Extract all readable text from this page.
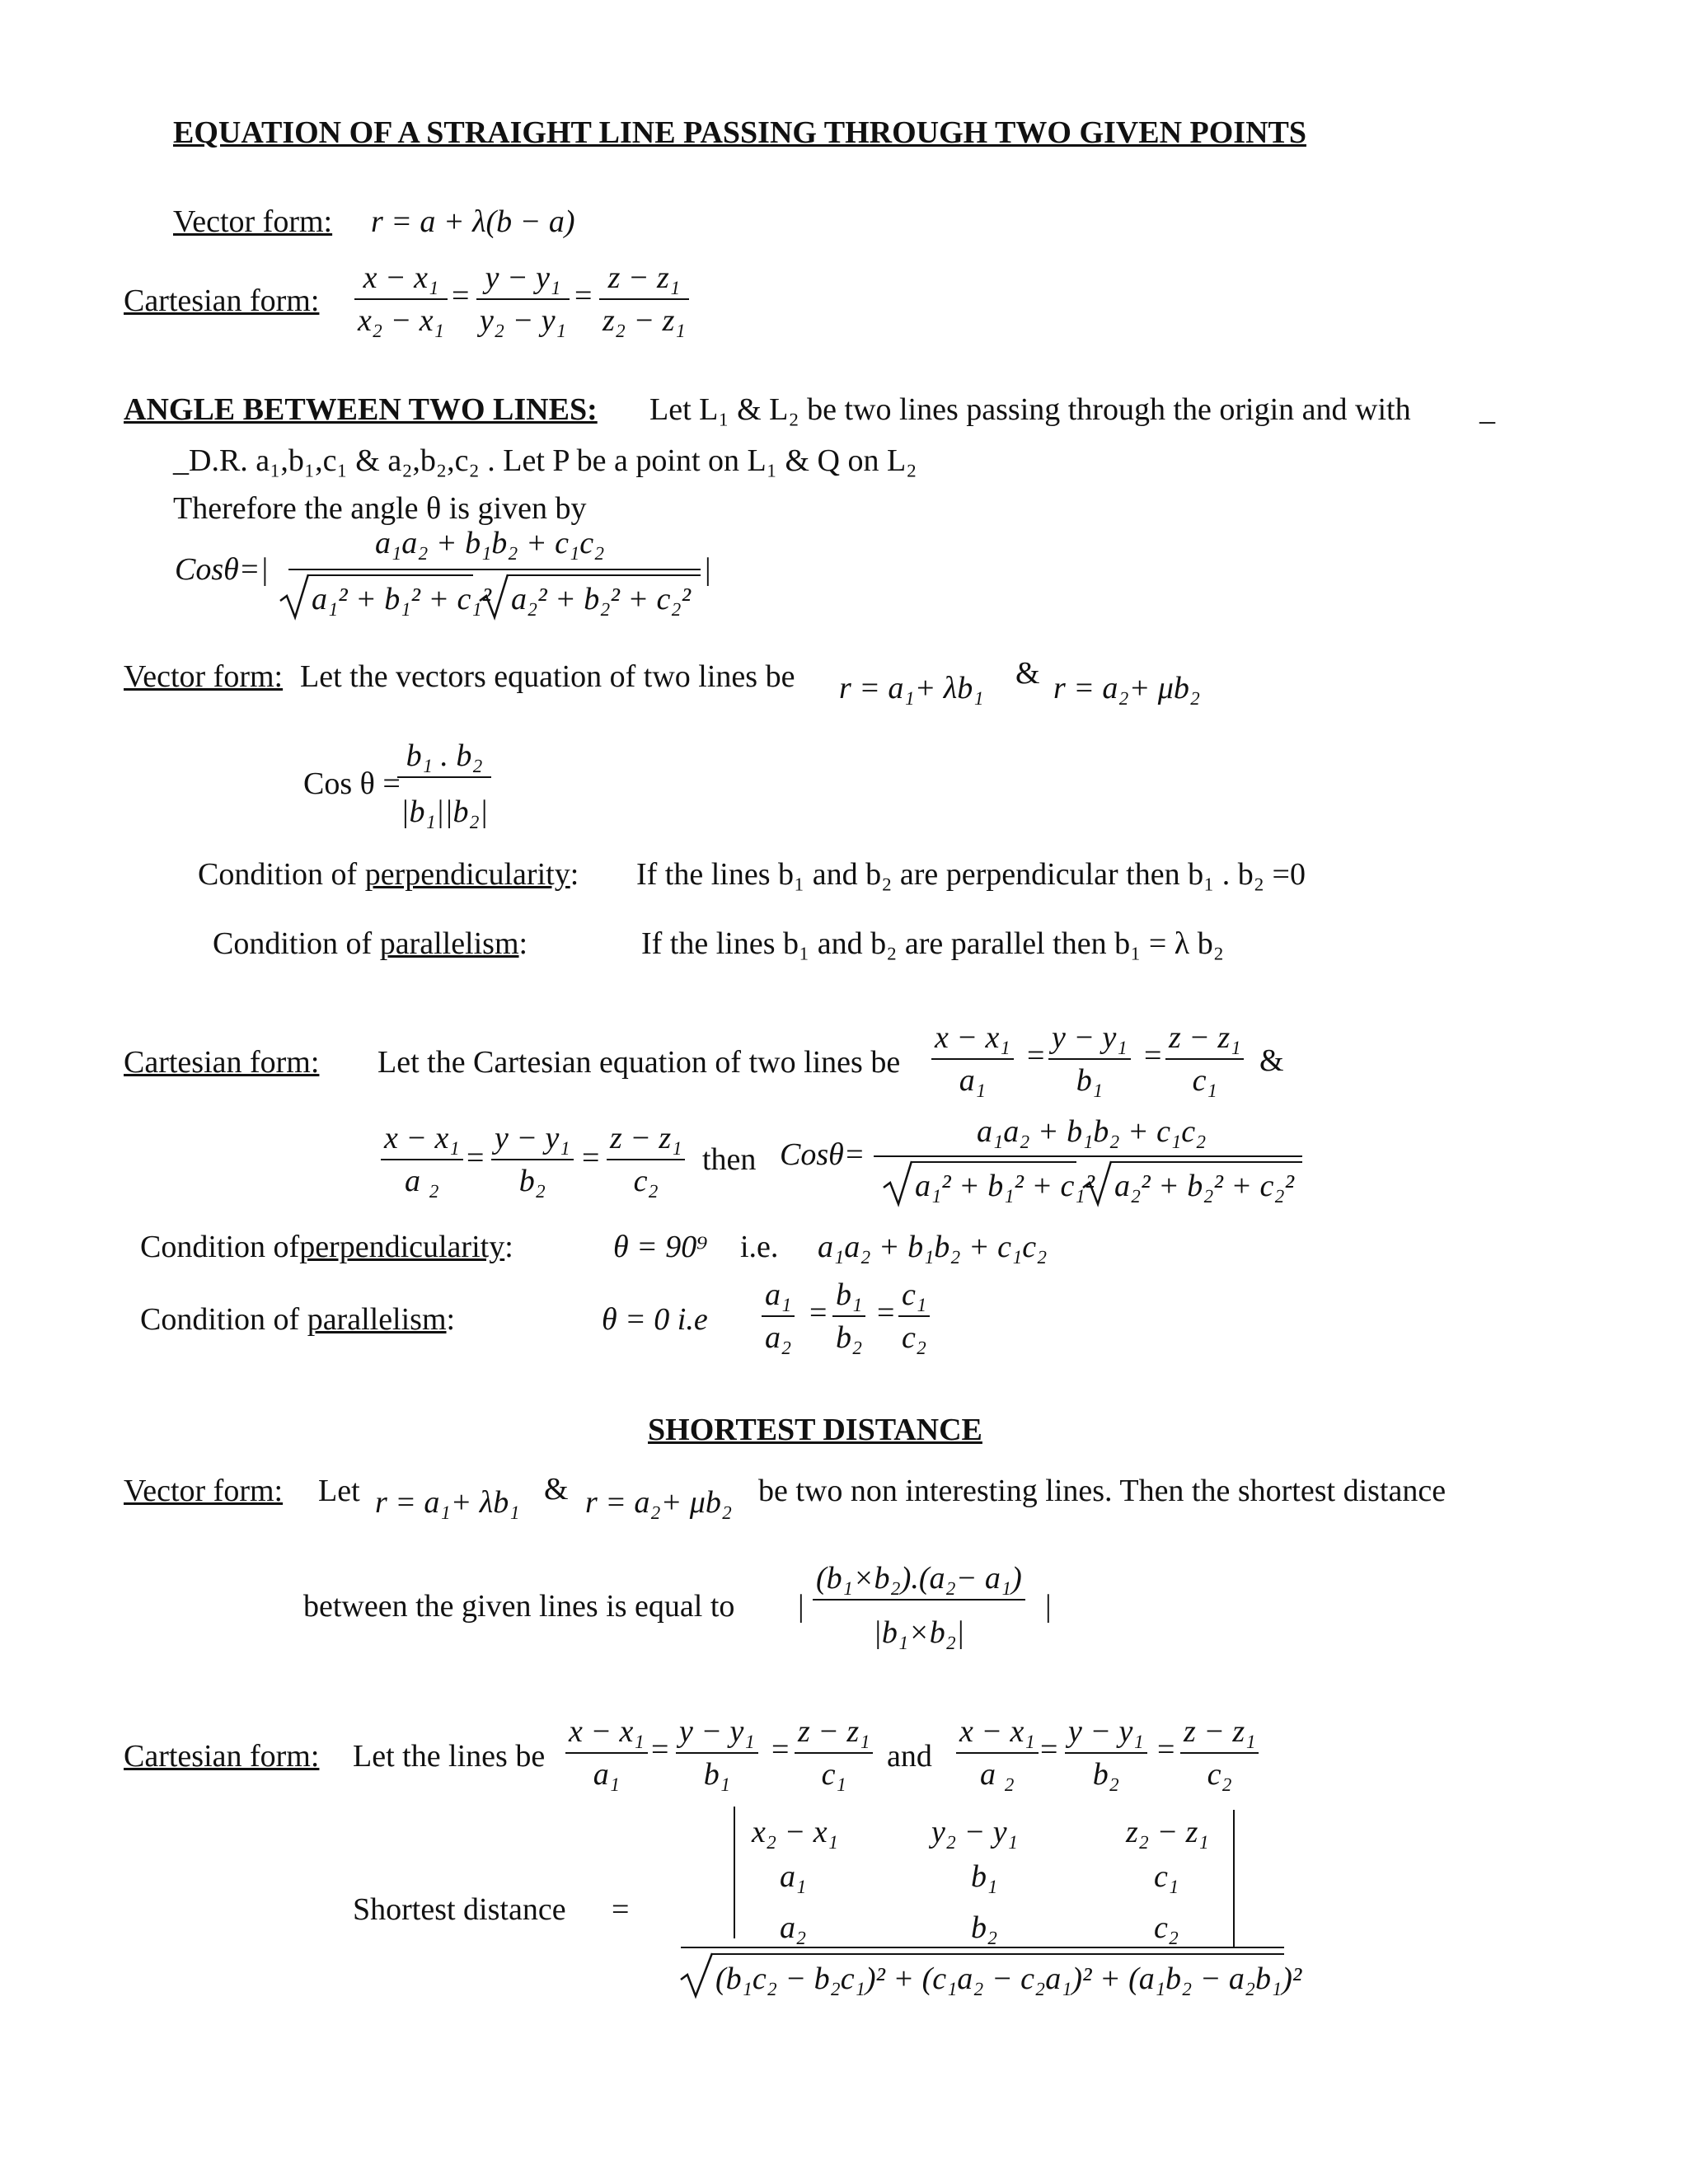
EQUATION OF A STRAIGHT LINE PASSING THROUGH TWO GIVEN POINTS
Vector form: r = a + λ(b − a)
Cartesian form: $\frac{\text{x − x₁}}{\text{x₂ − x₁}} = \frac{\text{y − y₁}}{\text{y₂ − y₁}} = \frac{\text{z − z₁}}{\text{z₂ − z₁}}$
ANGLE BETWEEN TWO LINES: Let L₁ & L₂ be two lines passing through the origin and with _
_D.R. a₁,b₁,c₁ & a₂,b₂,c₂ . Let P be a point on L₁ & Q on L₂
Therefore the angle θ is given by
Cosθ=|
a₁a₂ + b₁b₂ + c₁c₂
a₁² + b₁² + c₁² a₂² + b₂² + c₂²
|
Vector form: Let the vectors equation of two lines be r = a₁+ λb₁ & r = a₂+ μb₂
Cos θ =
$\frac{\text{b₁ . b₂}}{\text{|b₁||b₂|}}$
Condition of perpendicularity: If the lines b₁ and b₂ are perpendicular then b₁ . b₂ =0
Condition of parallelism:	If the lines b₁ and b₂ are parallel then b₁ = λ b₂
Cartesian form: Let the Cartesian equation of two lines be $\frac{\text{x − x₁}}{\text{a₁}} = \frac{\text{y − y₁}}{\text{b₁}} = \frac{\text{z − z₁}}{\text{c₁}}$ &
$\frac{\text{x − x₁}}{\text{a ₂}} = \frac{\text{y − y₁}}{\text{b₂}} = \frac{\text{z − z₁}}{\text{c₂}}$ then Cosθ=
a₁a₂ + b₁b₂ + c₁c₂
a₁² + b₁² + c₁² a₂² + b₂² + c₂²
Condition ofperpendicularity:	θ = 90⁹ i.e. a₁a₂ + b₁b₂ + c₁c₂
Condition of parallelism:	θ = 0 $i.e \frac{\text{a₁}}{\text{a₂}} = \frac{\text{b₁}}{\text{b₂}} = \frac{\text{c₁}}{\text{c₂}}$
SHORTEST DISTANCE
Vector form: Let r = a₁+ λb₁ & r = a₂+ μb₂ be two non interesting lines. Then the shortest distance
between the given lines is equal to | $\frac{\text{(b₁×b₂).(a₂− a₁)}}{\text{|b₁×b₂|}}$ |
Cartesian form: Let the lines be $\frac{\text{x − x₁}}{\text{a₁}} = \frac{\text{y − y₁}}{\text{b₁}} = \frac{\text{z − z₁}}{\text{c₁}}$ and $\frac{\text{x − x₁}}{\text{a ₂}} = \frac{\text{y − y₁}}{\text{b₂}} = \frac{\text{z − z₁}}{\text{c₂}}$
Shortest distance =
x₂ − x₁	y₂ − y₁	z₂ − z₁
a₁	b₁	c₁
a₂	b₂	c₂
(b₁c₂ − b₂c₁)² + (c₁a₂ − c₂a₁)² + (a₁b₂ − a₂b₁)²
